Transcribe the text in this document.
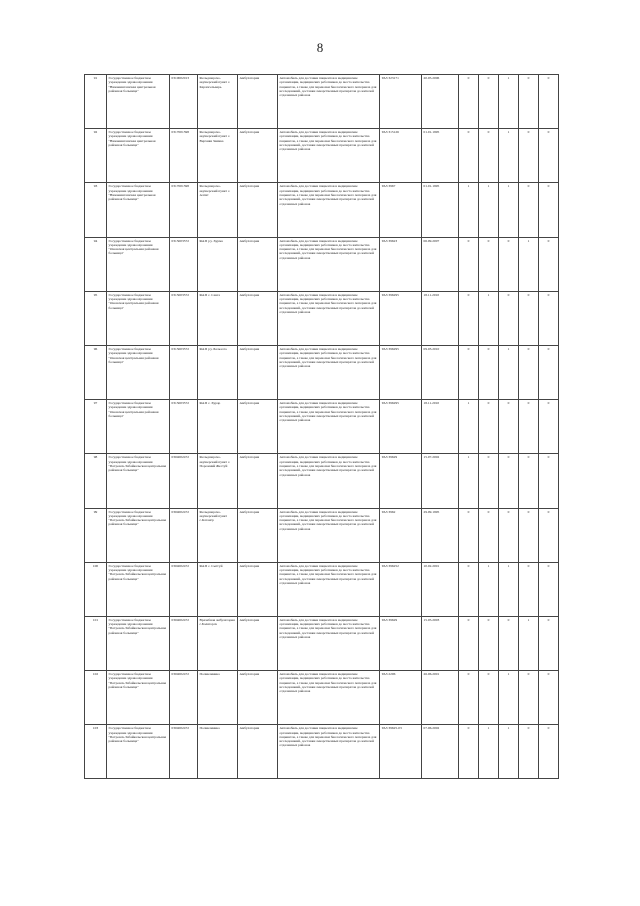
8
91	Государственное бюджетное учреждение здравоохранения "Нижнеингашская центральная районная больница"	0310002013	Фельдшерско-акушерский пункт с. Карапсельверь	Амбулатория	Автомобиль для доставки пациентов в медицинские организации, медицинских работников до места жительства пациентов, а также для перевозки биологического материала для исследований, доставки лекарственных препаратов до жителей отдаленных районов	УАЗ 323171	20.05.2006	0	0	1	0	0
92	Государственное бюджетное учреждение здравоохранения "Нижнеингашская центральная районная больница"	0317001598	Фельдшерско-акушерский пункт с. Верхняя Заимка	Амбулатория	Автомобиль для доставки пациентов в медицинские организации, медицинских работников до места жительства пациентов, а также для перевозки биологического материала для исследований, доставки лекарственных препаратов до жителей отдаленных районов	УАЗ 315126	01.01.1995	0	0	1	0	0
93	Государственное бюджетное учреждение здравоохранения "Нижнеингашская центральная районная больница"	0317001598	Фельдшерско-акушерский пункт с. Алгит	Амбулатория	Автомобиль для доставки пациентов в медицинские организации, медицинских работников до места жительства пациентов, а также для перевозки биологического материала для исследований, доставки лекарственных препаратов до жителей отдаленных районов	УАЗ 3967	01.01.1995	1	1	1	0	0
94	Государственное бюджетное учреждение здравоохранения "Ононская центральная районная больница"	0315003572	ФАП у.у. Хурма	Амбулатория	Автомобиль для доставки пациентов в медицинские организации, медицинских работников до места жительства пациентов, а также для перевозки биологического материала для исследований, доставки лекарственных препаратов до жителей отдаленных районов	УАЗ 39623	06.09.2007	0	0	0	1	0
95	Государственное бюджетное учреждение здравоохранения "Ононская центральная районная больница"	0315003572	ФАП с. Санга	Амбулатория	Автомобиль для доставки пациентов в медицинские организации, медицинских работников до места жительства пациентов, а также для перевозки биологического материала для исследований, доставки лекарственных препаратов до жителей отдаленных районов	УАЗ 396295	18.11.2010	0	1	0	0	0
96	Государственное бюджетное учреждение здравоохранения "Ононская центральная районная больница"	0315003572	ФАП у.у. Бальзота	Амбулатория	Автомобиль для доставки пациентов в медицинские организации, медицинских работников до места жительства пациентов, а также для перевозки биологического материала для исследований, доставки лекарственных препаратов до жителей отдаленных районов	УАЗ 396295	09.03.2010	0	0	1	0	0
97	Государственное бюджетное учреждение здравоохранения "Ононская центральная районная больница"	0315003572	ФАП с. Хурар	Амбулатория	Автомобиль для доставки пациентов в медицинские организации, медицинских работников до места жительства пациентов, а также для перевозки биологического материала для исследований, доставки лекарственных препаратов до жителей отдаленных районов	УАЗ 396295	18.11.2010	1	0	0	0	0
98	Государственное бюджетное учреждение здравоохранения "Петровск-Забайкальская центральная районная больница"	0304002472	Фельдшерско-акушерский пункт с. Порожний Жестуй	Амбулатория	Автомобиль для доставки пациентов в медицинские организации, медицинских работников до места жительства пациентов, а также для перевозки биологического материала для исследований, доставки лекарственных препаратов до жителей отдаленных районов	УАЗ 39629	15.07.2002	1	0	0	0	0
99	Государственное бюджетное учреждение здравоохранения "Петровск-Забайкальская центральная районная больница"	0304002472	Фельдшерско-акушерский пункт с.Катангр	Амбулатория	Автомобиль для доставки пациентов в медицинские организации, медицинских работников до места жительства пациентов, а также для перевозки биологического материала для исследований, доставки лекарственных препаратов до жителей отдаленных районов	УАЗ 3962	29.09.1995	0	0	0	0	0
100	Государственное бюджетное учреждение здравоохранения "Петровск-Забайкальская центральная районная больница"	0304002472	ФАП с. Сытгуй	Амбулатория	Автомобиль для доставки пациентов в медицинские организации, медицинских работников до места жительства пациентов, а также для перевозки биологического материала для исследований, доставки лекарственных препаратов до жителей отдаленных районов	УАЗ 396252	10.02.2001	0	1	1	0	0
101	Государственное бюджетное учреждение здравоохранения "Петровск-Забайкальская центральная районная больница"	0304002472	Врачебная амбулатория с.Балягорск	Амбулатория	Автомобиль для доставки пациентов в медицинские организации, медицинских работников до места жительства пациентов, а также для перевозки биологического материала для исследований, доставки лекарственных препаратов до жителей отдаленных районов	УАЗ 39629	15.05.2003	0	0	0	1	0
102	Государственное бюджетное учреждение здравоохранения "Петровск-Забайкальская центральная районная больница"	0304002472	Поликлиника	Амбулатория	Автомобиль для доставки пациентов в медицинские организации, медицинских работников до места жительства пациентов, а также для перевозки биологического материала для исследований, доставки лекарственных препаратов до жителей отдаленных районов	УАЗ 2206	26.06.2001	0	0	1	0	0
103	Государственное бюджетное учреждение здравоохранения "Петровск-Забайкальская центральная районная больница"	0304002472	Поликлиника	Амбулатория	Автомобиль для доставки пациентов в медицинские организации, медицинских работников до места жительства пациентов, а также для перевозки биологического материала для исследований, доставки лекарственных препаратов до жителей отдаленных районов	УАЗ 39625-03	07.06.2002	0	1	1	0	0
